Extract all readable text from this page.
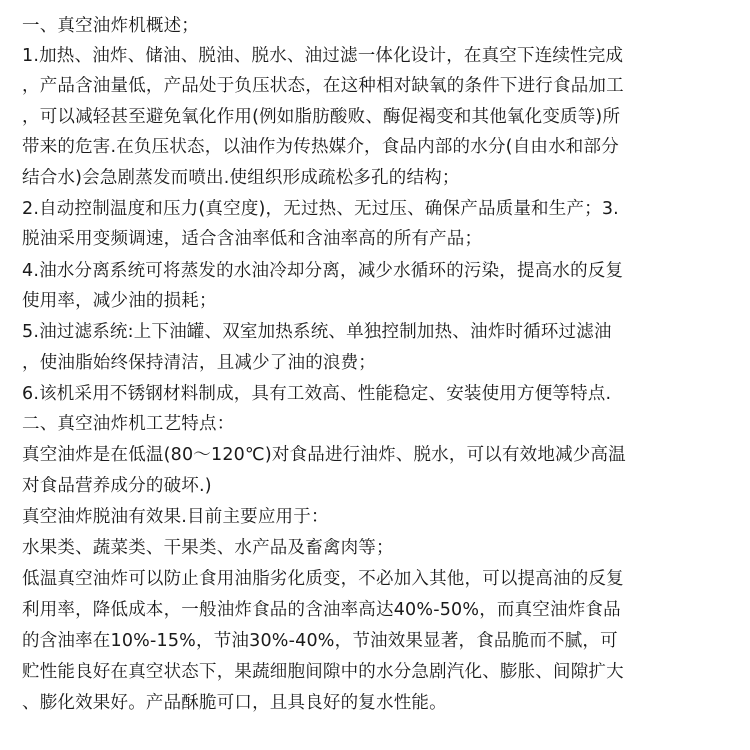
一、真空油炸机概述；
1.加热、油炸、储油、脱油、脱水、油过滤一体化设计，在真空下连续性完成
，产品含油量低，产品处于负压状态，在这种相对缺氧的条件下进行食品加工
，可以减轻甚至避免氧化作用(例如脂肪酸败、酶促褐变和其他氧化变质等)所
带来的危害.在负压状态，以油作为传热媒介，食品内部的水分(自由水和部分
结合水)会急剧蒸发而喷出.使组织形成疏松多孔的结构；
2.自动控制温度和压力(真空度)，无过热、无过压、确保产品质量和生产；3.
脱油采用变频调速，适合含油率低和含油率高的所有产品；
4.油水分离系统可将蒸发的水油冷却分离，减少水循环的污染，提高水的反复
使用率，减少油的损耗；
5.油过滤系统:上下油罐、双室加热系统、单独控制加热、油炸时循环过滤油
，使油脂始终保持清洁，且减少了油的浪费；
6.该机采用不锈钢材料制成，具有工效高、性能稳定、安装使用方便等特点.
二、真空油炸机工艺特点：
真空油炸是在低温(80～120℃)对食品进行油炸、脱水，可以有效地减少高温
对食品营养成分的破坏.)
真空油炸脱油有效果.目前主要应用于：
水果类、蔬菜类、干果类、水产品及畜禽肉等；
低温真空油炸可以防止食用油脂劣化质变，不必加入其他，可以提高油的反复
利用率，降低成本，一般油炸食品的含油率高达40%-50%，而真空油炸食品
的含油率在10%-15%，节油30%-40%，节油效果显著，食品脆而不腻，可
贮性能良好在真空状态下，果蔬细胞间隙中的水分急剧汽化、膨胀、间隙扩大
、膨化效果好。产品酥脆可口，且具良好的复水性能。
